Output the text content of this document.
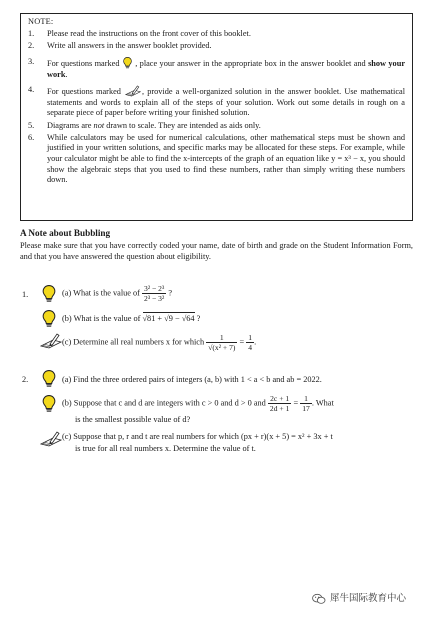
NOTE:
1.	Please read the instructions on the front cover of this booklet.
2.	Write all answers in the answer booklet provided.
3.	For questions marked , place your answer in the appropriate box in the answer booklet and show your work.
4.	For questions marked	, provide a well-organized solution in the answer booklet. Use mathematical statements and words to explain all of the steps of your solution. Work out some details in rough on a separate piece of paper before writing your finished solution.
5.	Diagrams are not drawn to scale. They are intended as aids only.
6.	While calculators may be used for numerical calculations, other mathematical steps must be shown and justified in your written solutions, and specific marks may be allocated for these steps. For example, while your calculator might be able to find the x-intercepts of the graph of an equation like y = x³ − x, you should show the algebraic steps that you used to find these numbers, rather than simply writing these numbers down.
A Note about Bubbling
Please make sure that you have correctly coded your name, date of birth and grade on the Student Information Form, and that you have answered the question about eligibility.
1.	(a) What is the value of $\frac{\text{3² − 2³}}{\text{2³ − 3²}}$ ?
(b) What is the value of √81 + √9 − √64 ?
(c) Determine all real numbers x for which $\frac{1}{\text{√(x² + 7)}} = \frac{1}{4}$ .
2.	(a) Find the three ordered pairs of integers (a, b) with 1 < a < b and ab = 2022.
(b) Suppose that c and d are integers with c > 0 and d > 0 and $\frac{2c + 1}{2d + 1} = \frac{1}{17}$ . What
is the smallest possible value of d?
(c) Suppose that p, r and t are real numbers for which (px + r)(x + 5) = x² + 3x + t
is true for all real numbers x. Determine the value of t.
犀牛国际教育中心
